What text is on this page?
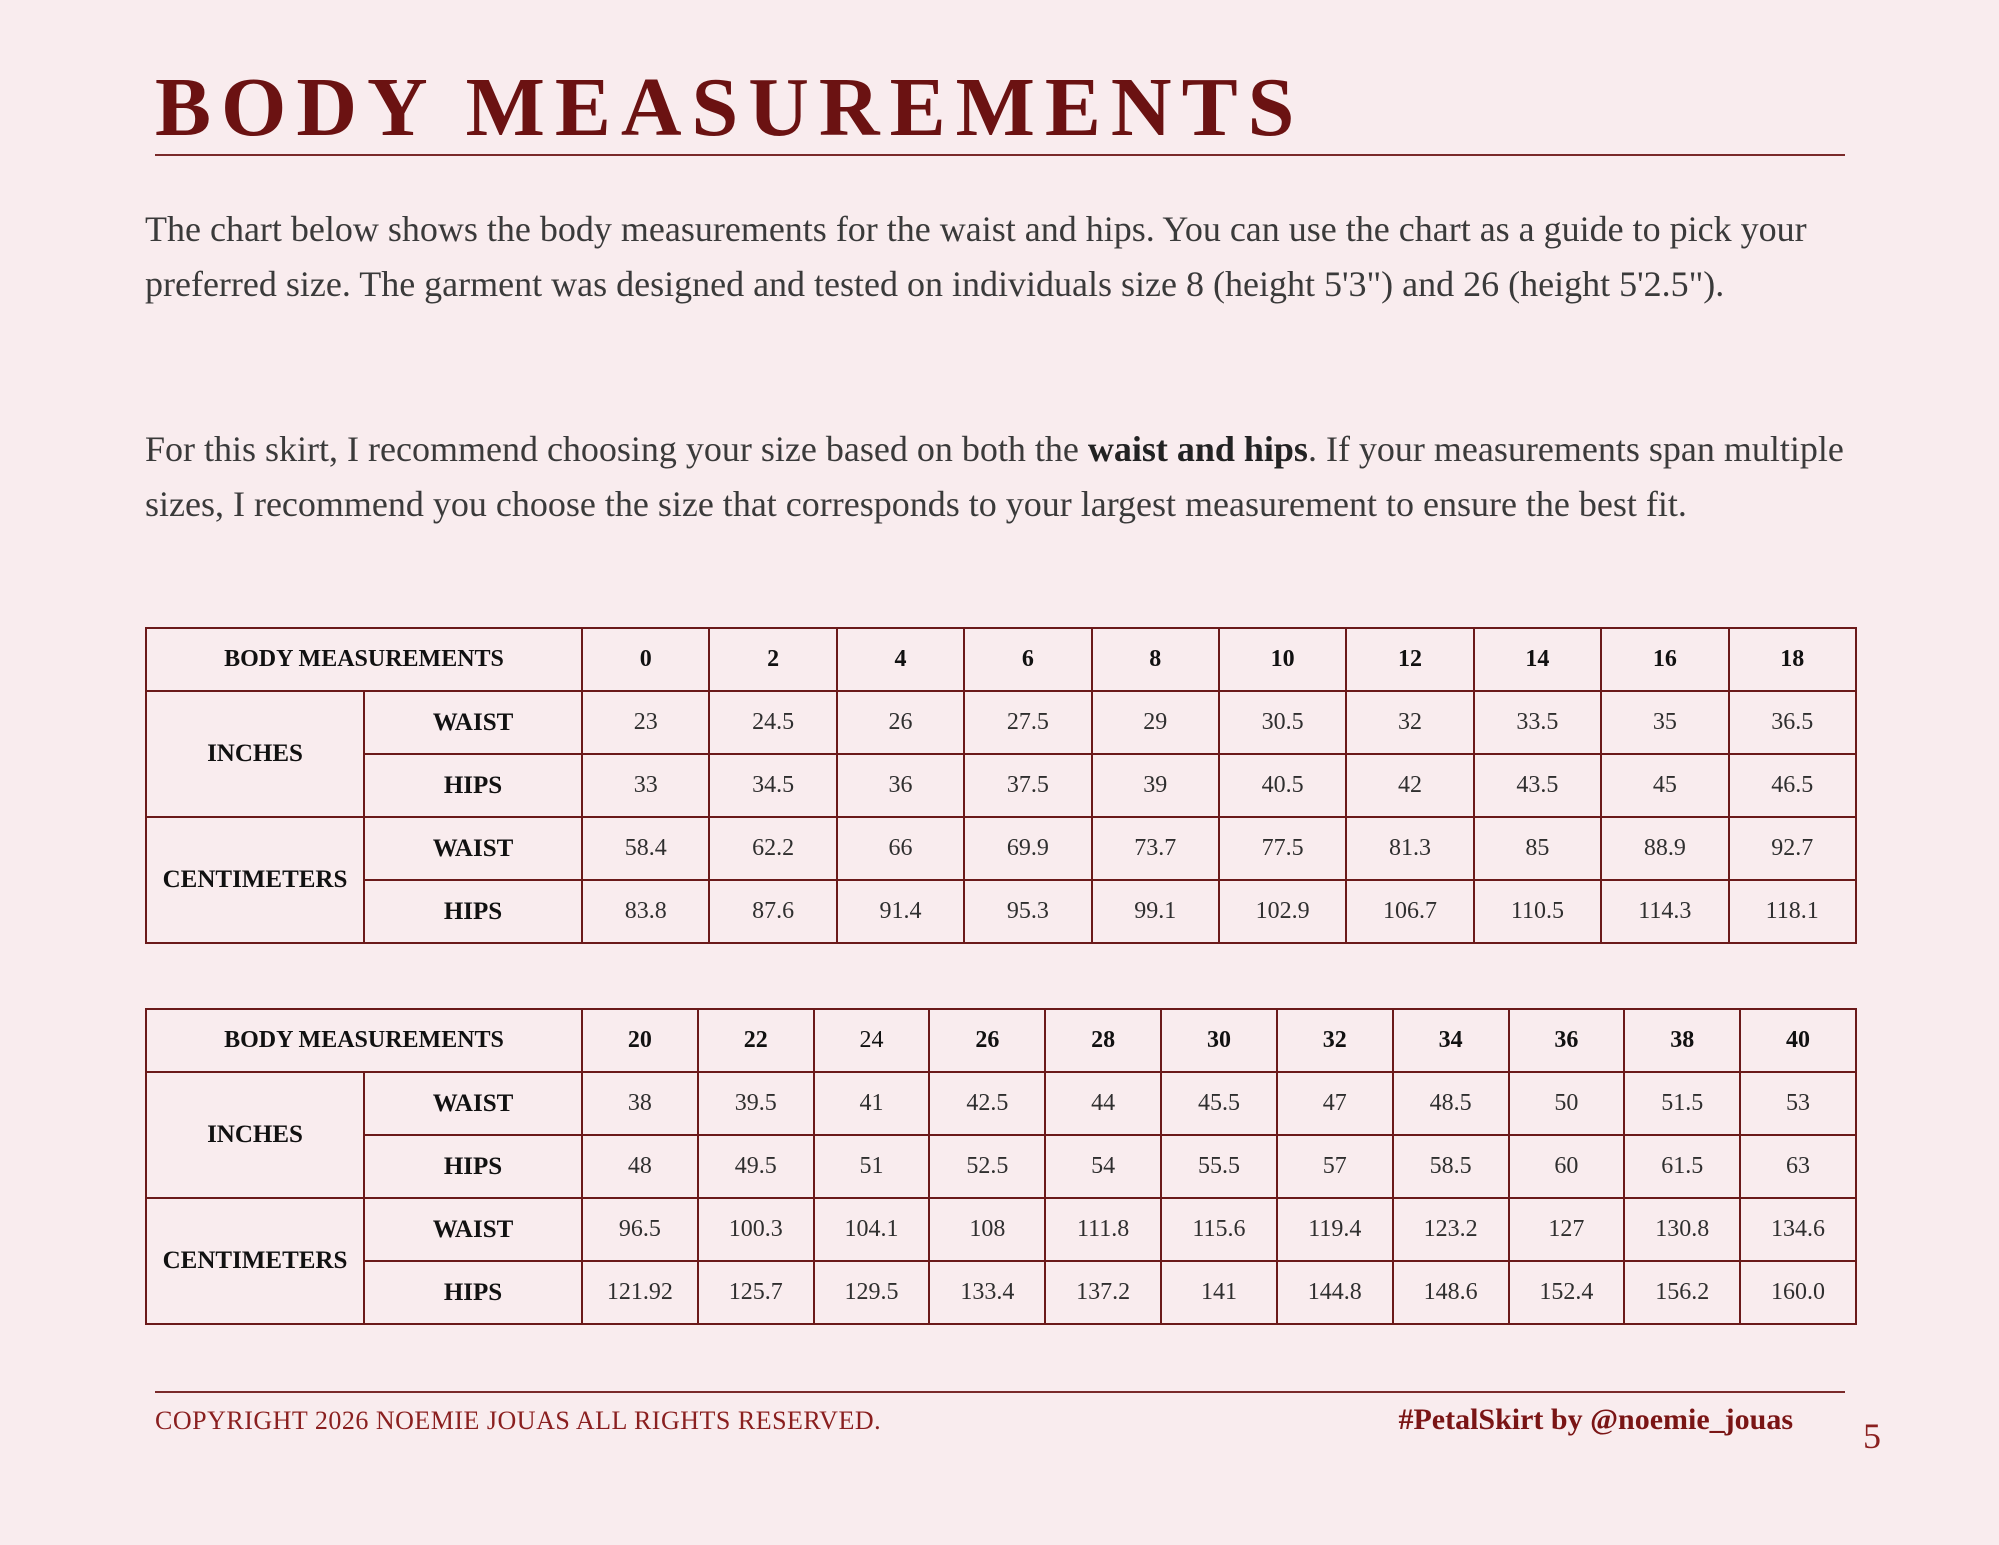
BODY MEASUREMENTS

The chart below shows the body measurements for the waist and hips. You can use the chart as a guide to pick your preferred size. The garment was designed and tested on individuals size 8 (height 5'3") and 26 (height 5'2.5").

For this skirt, I recommend choosing your size based on both the waist and hips. If your measurements span multiple sizes, I recommend you choose the size that corresponds to your largest measurement to ensure the best fit.

BODY MEASUREMENTS		0	2	4	6	8	10	12	14	16	18
INCHES	WAIST	23	24.5	26	27.5	29	30.5	32	33.5	35	36.5
	HIPS	33	34.5	36	37.5	39	40.5	42	43.5	45	46.5
CENTIMETERS	WAIST	58.4	62.2	66	69.9	73.7	77.5	81.3	85	88.9	92.7
	HIPS	83.8	87.6	91.4	95.3	99.1	102.9	106.7	110.5	114.3	118.1
BODY MEASUREMENTS		20	22	24	26	28	30	32	34	36	38	40
INCHES	WAIST	38	39.5	41	42.5	44	45.5	47	48.5	50	51.5	53
	HIPS	48	49.5	51	52.5	54	55.5	57	58.5	60	61.5	63
CENTIMETERS	WAIST	96.5	100.3	104.1	108	111.8	115.6	119.4	123.2	127	130.8	134.6
	HIPS	121.92	125.7	129.5	133.4	137.2	141	144.8	148.6	152.4	156.2	160.0
COPYRIGHT 2026 NOEMIE JOUAS ALL RIGHTS RESERVED.	#PetalSkirt by @noemie_jouas 5
